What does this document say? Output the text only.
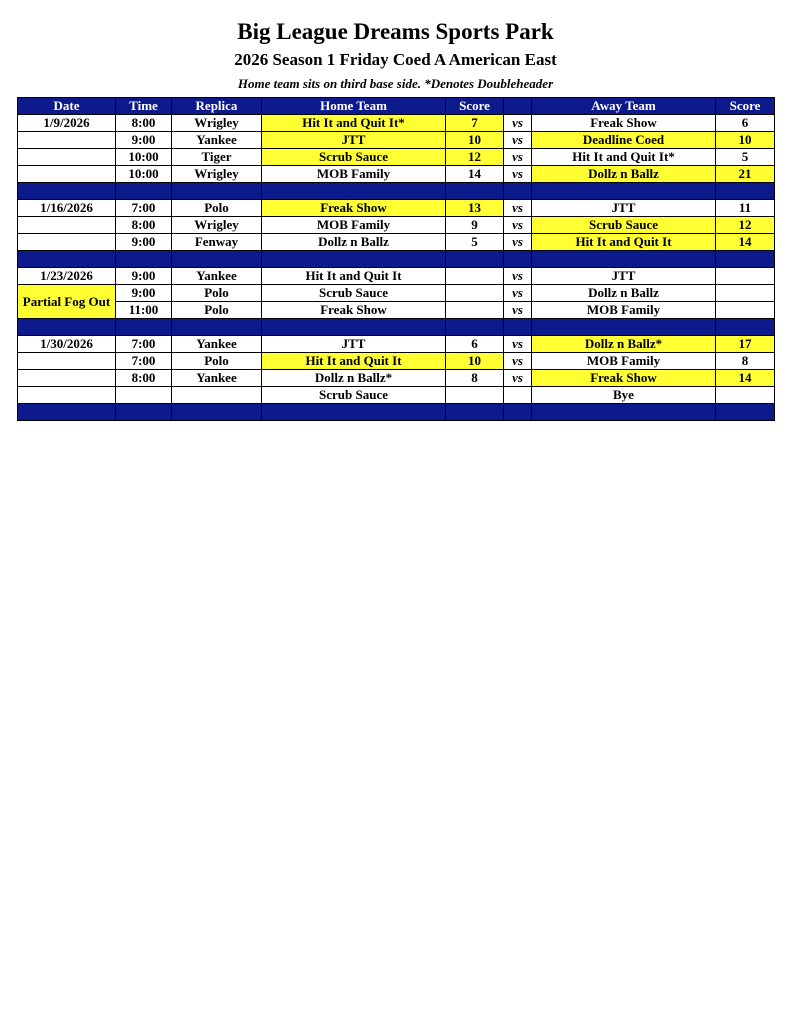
Big League Dreams Sports Park
2026 Season 1 Friday Coed A American East
Home team sits on third base side. *Denotes Doubleheader
Date	Time	Replica	Home Team	Score		Away Team	Score
1/9/2026	8:00	Wrigley	Hit It and Quit It*	7	vs	Freak Show	6
	9:00	Yankee	JTT	10	vs	Deadline Coed	10
	10:00	Tiger	Scrub Sauce	12	vs	Hit It and Quit It*	5
	10:00	Wrigley	MOB Family	14	vs	Dollz n Ballz	21

1/16/2026	7:00	Polo	Freak Show	13	vs	JTT	11
	8:00	Wrigley	MOB Family	9	vs	Scrub Sauce	12
	9:00	Fenway	Dollz n Ballz	5	vs	Hit It and Quit It	14

1/23/2026	9:00	Yankee	Hit It and Quit It		vs	JTT	
Partial Fog Out	9:00	Polo	Scrub Sauce		vs	Dollz n Ballz	
	11:00	Polo	Freak Show		vs	MOB Family	

1/30/2026	7:00	Yankee	JTT	6	vs	Dollz n Ballz*	17
	7:00	Polo	Hit It and Quit It	10	vs	MOB Family	8
	8:00	Yankee	Dollz n Ballz*	8	vs	Freak Show	14
			Scrub Sauce			Bye	
